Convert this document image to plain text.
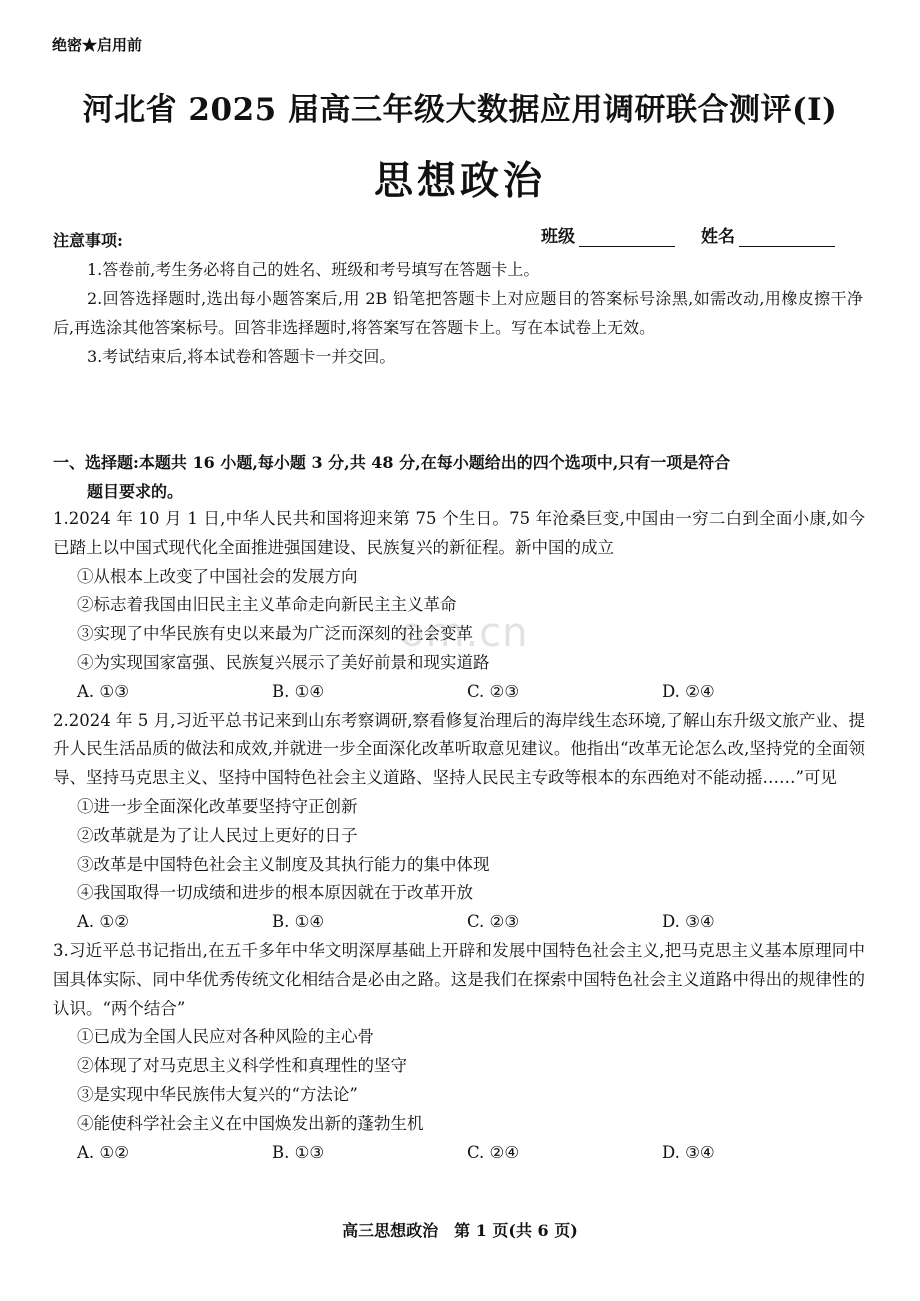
绝密★启用前
河北省 2025 届高三年级大数据应用调研联合测评(I)
思想政治
班级	姓名
注意事项:
1.答卷前,考生务必将自己的姓名、班级和考号填写在答题卡上。
2.回答选择题时,选出每小题答案后,用 2B 铅笔把答题卡上对应题目的答案标号涂黑,如需改动,用橡皮擦干净后,再选涂其他答案标号。回答非选择题时,将答案写在答题卡上。写在本试卷上无效。
3.考试结束后,将本试卷和答题卡一并交回。
一、选择题:本题共 16 小题,每小题 3 分,共 48 分,在每小题给出的四个选项中,只有一项是符合
题目要求的。
om.cn
1.2024 年 10 月 1 日,中华人民共和国将迎来第 75 个生日。75 年沧桑巨变,中国由一穷二白到全面小康,如今已踏上以中国式现代化全面推进强国建设、民族复兴的新征程。新中国的成立
①从根本上改变了中国社会的发展方向
②标志着我国由旧民主主义革命走向新民主主义革命
③实现了中华民族有史以来最为广泛而深刻的社会变革
④为实现国家富强、民族复兴展示了美好前景和现实道路
A. ①③	B. ①④	C. ②③	D. ②④
2.2024 年 5 月,习近平总书记来到山东考察调研,察看修复治理后的海岸线生态环境,了解山东升级文旅产业、提升人民生活品质的做法和成效,并就进一步全面深化改革听取意见建议。他指出“改革无论怎么改,坚持党的全面领导、坚持马克思主义、坚持中国特色社会主义道路、坚持人民民主专政等根本的东西绝对不能动摇……”可见
①进一步全面深化改革要坚持守正创新
②改革就是为了让人民过上更好的日子
③改革是中国特色社会主义制度及其执行能力的集中体现
④我国取得一切成绩和进步的根本原因就在于改革开放
A. ①②	B. ①④	C. ②③	D. ③④
3.习近平总书记指出,在五千多年中华文明深厚基础上开辟和发展中国特色社会主义,把马克思主义基本原理同中国具体实际、同中华优秀传统文化相结合是必由之路。这是我们在探索中国特色社会主义道路中得出的规律性的认识。“两个结合”
①已成为全国人民应对各种风险的主心骨
②体现了对马克思主义科学性和真理性的坚守
③是实现中华民族伟大复兴的“方法论”
④能使科学社会主义在中国焕发出新的蓬勃生机
A. ①②	B. ①③	C. ②④	D. ③④
高三思想政治　第 1 页(共 6 页)
